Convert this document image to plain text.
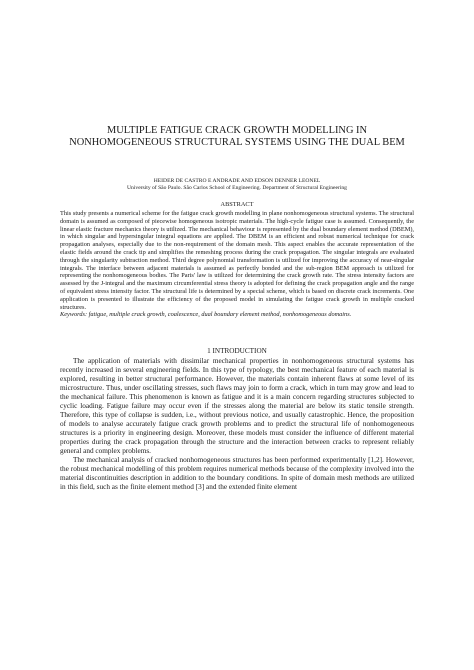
MULTIPLE FATIGUE CRACK GROWTH MODELLING IN NONHOMOGENEOUS STRUCTURAL SYSTEMS USING THE DUAL BEM
HEIDER DE CASTRO E ANDRADE AND EDSON DENNER LEONEL
University of São Paulo. São Carlos School of Engineering. Department of Structural Engineering
ABSTRACT

This study presents a numerical scheme for the fatigue crack growth modelling in plane nonhomogeneous structural systems. The structural domain is assumed as composed of piecewise homogeneous isotropic materials. The high-cycle fatigue case is assumed. Consequently, the linear elastic fracture mechanics theory is utilized. The mechanical behaviour is represented by the dual boundary element method (DBEM), in which singular and hypersingular integral equations are applied. The DBEM is an efficient and robust numerical technique for crack propagation analyses, especially due to the non-requirement of the domain mesh. This aspect enables the accurate representation of the elastic fields around the crack tip and simplifies the remeshing process during the crack propagation. The singular integrals are evaluated through the singularity subtraction method. Third degree polynomial transformation is utilized for improving the accuracy of near-singular integrals. The interface between adjacent materials is assumed as perfectly bonded and the sub-region BEM approach is utilized for representing the nonhomogeneous bodies. The Paris' law is utilized for determining the crack growth rate. The stress intensity factors are assessed by the J-integral and the maximum circumferential stress theory is adopted for defining the crack propagation angle and the range of equivalent stress intensity factor. The structural life is determined by a special scheme, which is based on discrete crack increments. One application is presented to illustrate the efficiency of the proposed model in simulating the fatigue crack growth in multiple cracked structures.

Keywords: fatigue, multiple crack growth, coalescence, dual boundary element method, nonhomogeneous domains.

1 INTRODUCTION

The application of materials with dissimilar mechanical properties in nonhomogeneous structural systems has recently increased in several engineering fields. In this type of typology, the best mechanical feature of each material is explored, resulting in better structural performance. However, the materials contain inherent flaws at some level of its microstructure. Thus, under oscillating stresses, such flaws may join to form a crack, which in turn may grow and lead to the mechanical failure. This phenomenon is known as fatigue and it is a main concern regarding structures subjected to cyclic loading. Fatigue failure may occur even if the stresses along the material are below its static tensile strength. Therefore, this type of collapse is sudden, i.e., without previous notice, and usually catastrophic. Hence, the proposition of models to analyse accurately fatigue crack growth problems and to predict the structural life of nonhomogeneous structures is a priority in engineering design. Moreover, these models must consider the influence of different material properties during the crack propagation through the structure and the interaction between cracks to represent reliably general and complex problems.

The mechanical analysis of cracked nonhomogeneous structures has been performed experimentally [1,2]. However, the robust mechanical modelling of this problem requires numerical methods because of the complexity involved into the material discontinuities description in addition to the boundary conditions. In spite of domain mesh methods are utilized in this field, such as the finite element method [3] and the extended finite element
